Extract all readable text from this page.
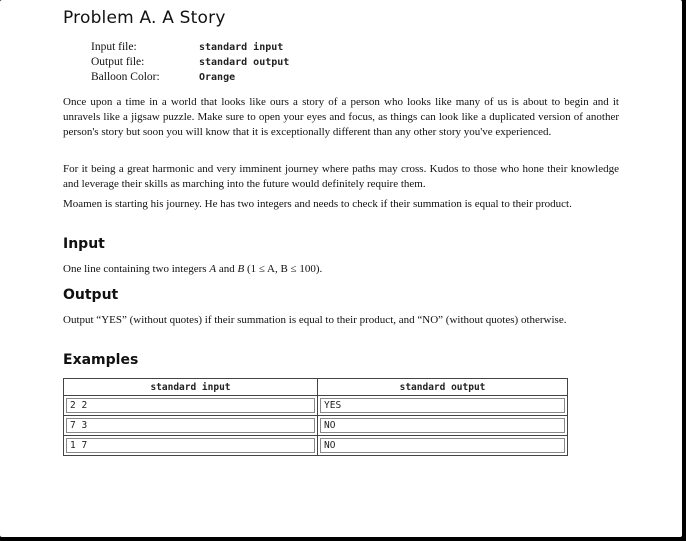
Problem A. A Story
Input file:	standard input
Output file:	standard output
Balloon Color:	Orange

Once upon a time in a world that looks like ours a story of a person who looks like many of us is about to begin and it unravels like a jigsaw puzzle. Make sure to open your eyes and focus, as things can look like a duplicated version of another person's story but soon you will know that it is exceptionally different than any other story you've experienced.

For it being a great harmonic and very imminent journey where paths may cross. Kudos to those who hone their knowledge and leverage their skills as marching into the future would definitely require them.

Moamen is starting his journey. He has two integers and needs to check if their summation is equal to their product.

Input

One line containing two integers A and B (1 ≤ A, B ≤ 100).

Output

Output “YES” (without quotes) if their summation is equal to their product, and “NO” (without quotes) otherwise.

Examples
standard input	standard output

2 2	YES

7 3	NO

1 7	NO
